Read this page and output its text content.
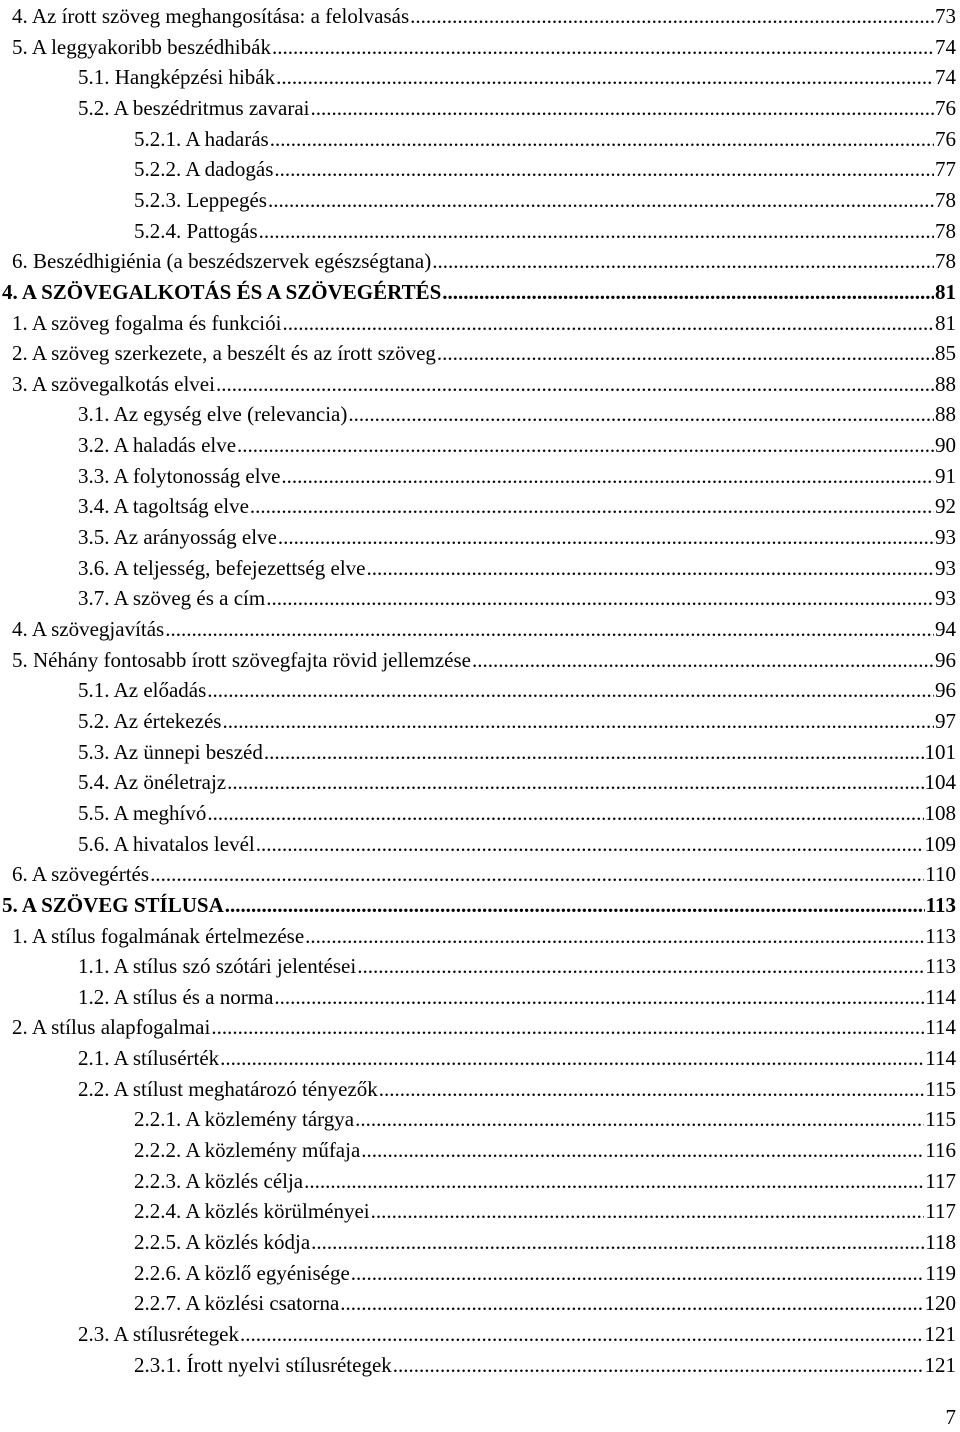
4. Az írott szöveg meghangosítása: a felolvasás .....	73
5. A leggyakoribb beszédhibák .....	74
5.1. Hangképzési hibák .....	74
5.2. A beszédritmus zavarai .....	76
5.2.1. A hadarás .....	76
5.2.2. A dadogás .....	77
5.2.3. Leppegés .....	78
5.2.4. Pattogás .....	78
6. Beszédhigiénia (a beszédszervek egészségtana) .....	78
4. A SZÖVEGALKOTÁS ÉS A SZÖVEGÉRTÉS .....	81
1. A szöveg fogalma és funkciói .....	81
2. A szöveg szerkezete, a beszélt és az írott szöveg .....	85
3. A szövegalkotás elvei .....	88
3.1. Az egység elve (relevancia) .....	88
3.2. A haladás elve .....	90
3.3. A folytonosság elve .....	91
3.4. A tagoltság elve .....	92
3.5. Az arányosság elve .....	93
3.6. A teljesség, befejezettség elve .....	93
3.7. A szöveg és a cím .....	93
4. A szövegjavítás .....	94
5. Néhány fontosabb írott szövegfajta rövid jellemzése .....	96
5.1. Az előadás .....	96
5.2. Az értekezés .....	97
5.3. Az ünnepi beszéd .....	101
5.4. Az önéletrajz .....	104
5.5. A meghívó .....	108
5.6. A hivatalos levél .....	109
6. A szövegértés .....	110
5. A SZÖVEG STÍLUSA .....	113
1. A stílus fogalmának értelmezése .....	113
1.1. A stílus szó szótári jelentései .....	113
1.2. A stílus és a norma .....	114
2. A stílus alapfogalmai .....	114
2.1. A stílusérték .....	114
2.2. A stílust meghatározó tényezők .....	115
2.2.1. A közlemény tárgya .....	115
2.2.2. A közlemény műfaja .....	116
2.2.3. A közlés célja .....	117
2.2.4. A közlés körülményei .....	117
2.2.5. A közlés kódja .....	118
2.2.6. A közlő egyénisége .....	119
2.2.7. A közlési csatorna .....	120
2.3. A stílusrétegek .....	121
2.3.1. Írott nyelvi stílusrétegek .....	121
7
